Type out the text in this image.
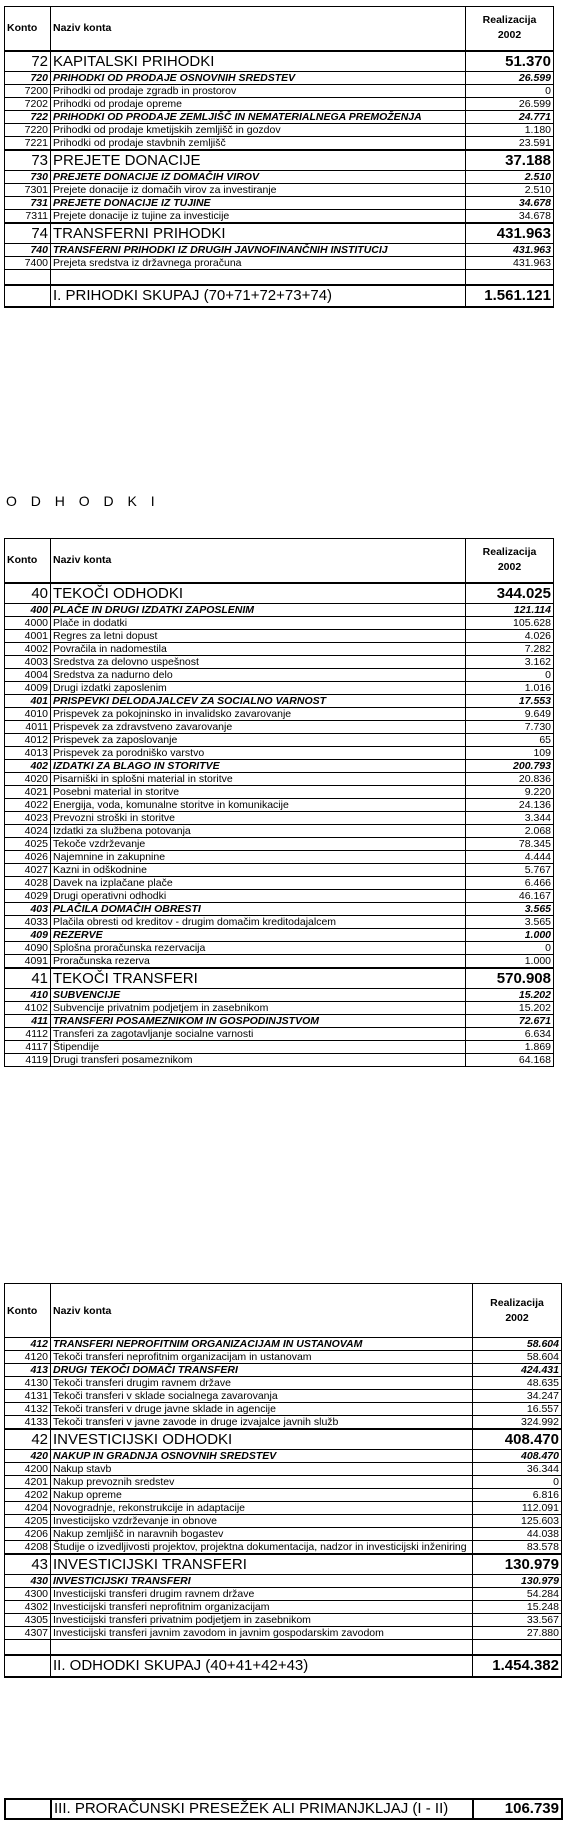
Konto	Naziv konta	Realizacija
2002
72	KAPITALSKI PRIHODKI	51.370
720	PRIHODKI OD PRODAJE OSNOVNIH SREDSTEV	26.599
7200	Prihodki od prodaje zgradb in prostorov	0
7202	Prihodki od prodaje opreme	26.599
722	PRIHODKI OD PRODAJE ZEMLJIŠČ IN NEMATERIALNEGA PREMOŽENJA	24.771
7220	Prihodki od prodaje kmetijskih zemljišč in gozdov	1.180
7221	Prihodki od prodaje stavbnih zemljišč	23.591
73	PREJETE DONACIJE	37.188
730	PREJETE DONACIJE IZ DOMAČIH VIROV	2.510
7301	Prejete donacije iz domačih virov za investiranje	2.510
731	PREJETE DONACIJE IZ TUJINE	34.678
7311	Prejete donacije iz tujine za investicije	34.678
74	TRANSFERNI PRIHODKI	431.963
740	TRANSFERNI PRIHODKI IZ DRUGIH JAVNOFINANČNIH INSTITUCIJ	431.963
7400	Prejeta sredstva iz državnega proračuna	431.963

	I. PRIHODKI SKUPAJ (70+71+72+73+74)	1.561.121
O D H O D K I
Konto	Naziv konta	Realizacija
2002
40	TEKOČI ODHODKI	344.025
400	PLAČE IN DRUGI IZDATKI ZAPOSLENIM	121.114
4000	Plače in dodatki	105.628
4001	Regres za letni dopust	4.026
4002	Povračila in nadomestila	7.282
4003	Sredstva za delovno uspešnost	3.162
4004	Sredstva za nadurno delo	0
4009	Drugi izdatki zaposlenim	1.016
401	PRISPEVKI DELODAJALCEV ZA SOCIALNO VARNOST	17.553
4010	Prispevek za pokojninsko in invalidsko zavarovanje	9.649
4011	Prispevek za zdravstveno zavarovanje	7.730
4012	Prispevek za zaposlovanje	65
4013	Prispevek za porodniško varstvo	109
402	IZDATKI ZA BLAGO IN STORITVE	200.793
4020	Pisarniški in splošni material in storitve	20.836
4021	Posebni material in storitve	9.220
4022	Energija, voda, komunalne storitve in komunikacije	24.136
4023	Prevozni stroški in storitve	3.344
4024	Izdatki za službena potovanja	2.068
4025	Tekoče vzdrževanje	78.345
4026	Najemnine in zakupnine	4.444
4027	Kazni in odškodnine	5.767
4028	Davek na izplačane plače	6.466
4029	Drugi operativni odhodki	46.167
403	PLAČILA DOMAČIH OBRESTI	3.565
4033	Plačila obresti od kreditov - drugim domačim kreditodajalcem	3.565
409	REZERVE	1.000
4090	Splošna proračunska rezervacija	0
4091	Proračunska rezerva	1.000
41	TEKOČI TRANSFERI	570.908
410	SUBVENCIJE	15.202
4102	Subvencije privatnim podjetjem in zasebnikom	15.202
411	TRANSFERI POSAMEZNIKOM IN GOSPODINJSTVOM	72.671
4112	Transferi za zagotavljanje socialne varnosti	6.634
4117	Štipendije	1.869
4119	Drugi transferi posameznikom	64.168
Konto	Naziv konta	Realizacija
2002
412	TRANSFERI NEPROFITNIM ORGANIZACIJAM IN USTANOVAM	58.604
4120	Tekoči transferi neprofitnim organizacijam in ustanovam	58.604
413	DRUGI TEKOČI DOMAČI TRANSFERI	424.431
4130	Tekoči transferi drugim ravnem države	48.635
4131	Tekoči transferi v sklade socialnega zavarovanja	34.247
4132	Tekoči transferi v druge javne sklade in agencije	16.557
4133	Tekoči transferi v javne zavode in druge izvajalce javnih služb	324.992
42	INVESTICIJSKI ODHODKI	408.470
420	NAKUP IN GRADNJA OSNOVNIH SREDSTEV	408.470
4200	Nakup stavb	36.344
4201	Nakup prevoznih sredstev	0
4202	Nakup opreme	6.816
4204	Novogradnje, rekonstrukcije in adaptacije	112.091
4205	Investicijsko vzdrževanje in obnove	125.603
4206	Nakup zemljišč in naravnih bogastev	44.038
4208	Študije o izvedljivosti projektov, projektna dokumentacija, nadzor in investicijski inženiring	83.578
43	INVESTICIJSKI TRANSFERI	130.979
430	INVESTICIJSKI TRANSFERI	130.979
4300	Investicijski transferi drugim ravnem države	54.284
4302	Investicijski transferi neprofitnim organizacijam	15.248
4305	Investicijski transferi privatnim podjetjem in zasebnikom	33.567
4307	Investicijski transferi javnim zavodom in javnim gospodarskim zavodom	27.880

	II. ODHODKI SKUPAJ (40+41+42+43)	1.454.382
	III. PRORAČUNSKI PRESEŽEK ALI PRIMANJKLJAJ (I - II)	106.739
